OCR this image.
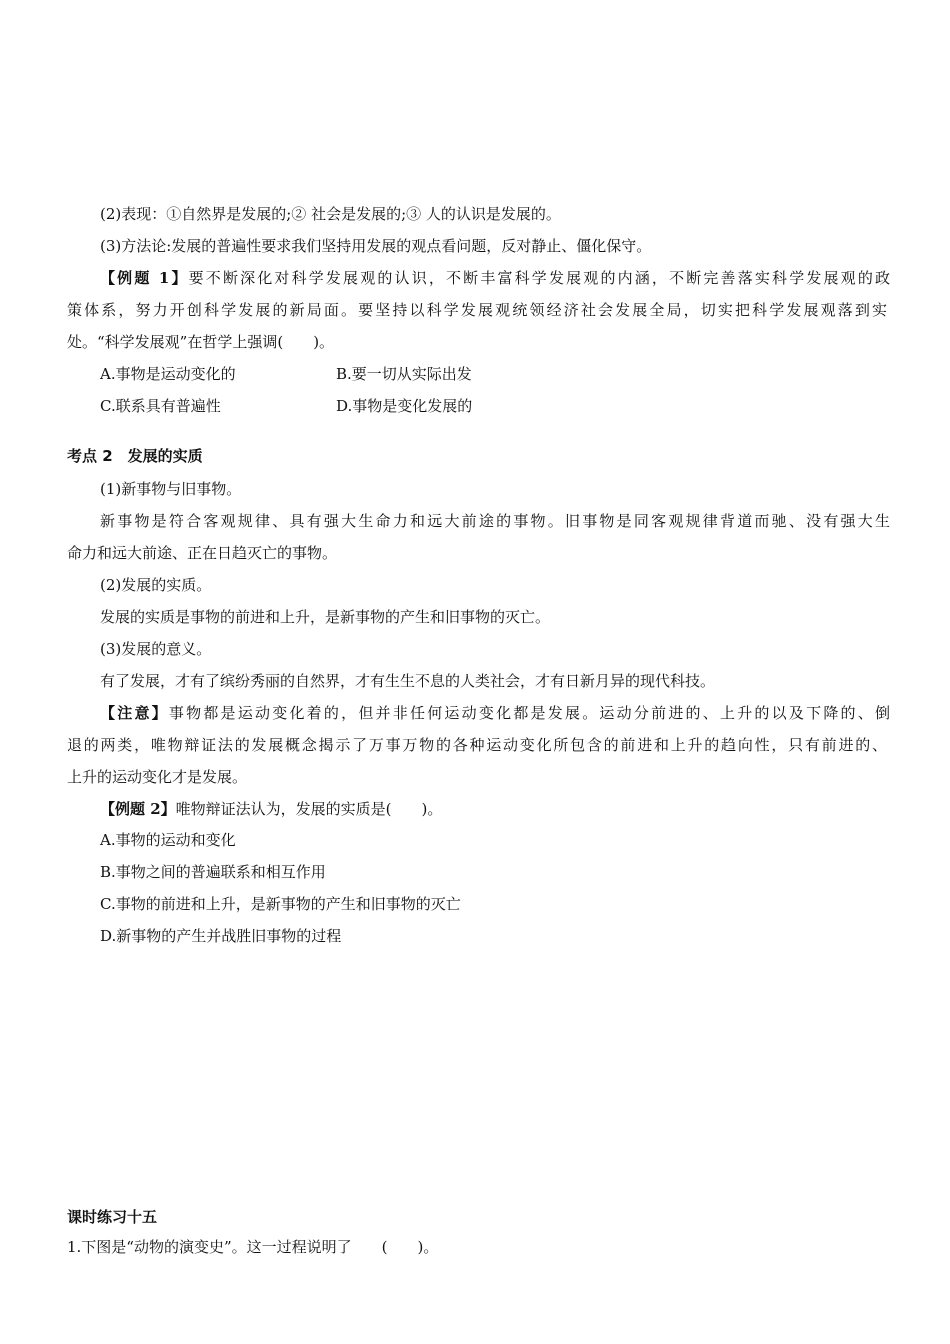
(2)表现：①自然界是发展的;② 社会是发展的;③ 人的认识是发展的。
(3)方法论:发展的普遍性要求我们坚持用发展的观点看问题，反对静止、僵化保守。
【例题 1】要不断深化对科学发展观的认识，不断丰富科学发展观的内涵，不断完善落实科学发展观的政
策体系，努力开创科学发展的新局面。要坚持以科学发展观统领经济社会发展全局，切实把科学发展观落到实
处。“科学发展观”在哲学上强调(　　)。
A.事物是运动变化的	B.要一切从实际出发
C.联系具有普遍性	D.事物是变化发展的
考点 2　发展的实质
(1)新事物与旧事物。
新事物是符合客观规律、具有强大生命力和远大前途的事物。旧事物是同客观规律背道而驰、没有强大生
命力和远大前途、正在日趋灭亡的事物。
(2)发展的实质。
发展的实质是事物的前进和上升，是新事物的产生和旧事物的灭亡。
(3)发展的意义。
有了发展，才有了缤纷秀丽的自然界，才有生生不息的人类社会，才有日新月异的现代科技。
【注意】事物都是运动变化着的，但并非任何运动变化都是发展。运动分前进的、上升的以及下降的、倒
退的两类，唯物辩证法的发展概念揭示了万事万物的各种运动变化所包含的前进和上升的趋向性，只有前进的、
上升的运动变化才是发展。
【例题 2】唯物辩证法认为，发展的实质是(　　)。
A.事物的运动和变化
B.事物之间的普遍联系和相互作用
C.事物的前进和上升，是新事物的产生和旧事物的灭亡
D.新事物的产生并战胜旧事物的过程
课时练习十五
1.下图是“动物的演变史”。这一过程说明了　　(　　)。
